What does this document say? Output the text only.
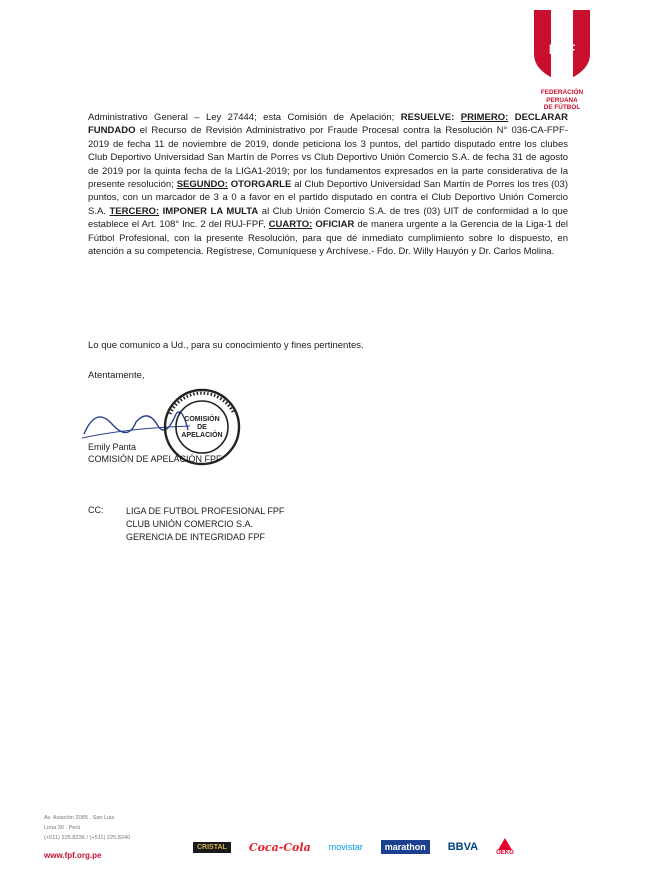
FPF
FEDERACIÓN PERUANA
DE FÚTBOL
Administrativo General – Ley 27444; esta Comisión de Apelación; RESUELVE: PRIMERO: DECLARAR FUNDADO el Recurso de Revisión Administrativo por Fraude Procesal contra la Resolución N° 036-CA-FPF-2019 de fecha 11 de noviembre de 2019, donde peticiona los 3 puntos, del partido disputado entre los clubes Club Deportivo Universidad San Martín de Porres vs Club Deportivo Unión Comercio S.A. de fecha 31 de agosto de 2019 por la quinta fecha de la LIGA1-2019; por los fundamentos expresados en la parte considerativa de la presente resolución; SEGUNDO: OTORGARLE al Club Deportivo Universidad San Martín de Porres los tres (03) puntos, con un marcador de 3 a 0 a favor en el partido disputado en contra el Club Deportivo Unión Comercio S.A. TERCERO: IMPONER LA MULTA al Club Unión Comercio S.A. de tres (03) UIT de conformidad a lo que establece el Art. 108° Inc. 2 del RUJ-FPF, CUARTO: OFICIAR de manera urgente a la Gerencia de la Liga-1 del Fútbol Profesional, con la presente Resolución, para que dé inmediato cumplimiento sobre lo dispuesto, en atención a su competencia. Regístrese, Comuníquese y Archívese.- Fdo. Dr. Willy Hauyón y Dr. Carlos Molina.
Lo que comunico a Ud., para su conocimiento y fines pertinentes.
Atentamente,
COMISIÓN
DE
APELACIÓN
Emily Panta
COMISIÓN DE APELACIÓN FPF
CC:	LIGA DE FUTBOL PROFESIONAL FPF
CLUB UNIÓN COMERCIO S.A.
GERENCIA DE INTEGRIDAD FPF
Av. Aviación 2085 . San Luis
Lima 30 . Perú
(+511) 225.8236 / (+511) 225.8240
www.fpf.org.pe
CRISTAL	Coca-Cola movistar	marathon	BBVA	OEKO
